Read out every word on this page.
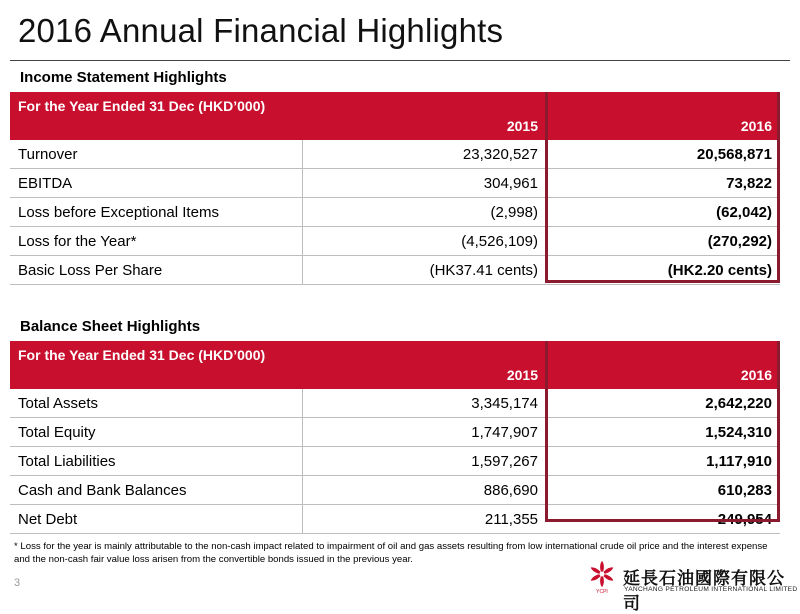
2016 Annual Financial Highlights
Income Statement Highlights
For the Year Ended 31 Dec (HKD’000)	2015	2016
Turnover	23,320,527	20,568,871
EBITDA	304,961	73,822
Loss before Exceptional Items	(2,998)	(62,042)
Loss for the Year*	(4,526,109)	(270,292)
Basic Loss Per Share	(HK37.41 cents)	(HK2.20 cents)
Balance Sheet Highlights
For the Year Ended 31 Dec (HKD’000)	2015	2016
Total Assets	3,345,174	2,642,220
Total Equity	1,747,907	1,524,310
Total Liabilities	1,597,267	1,117,910
Cash and Bank Balances	886,690	610,283
Net Debt	211,355	249,954
* Loss for the year is mainly attributable to the non-cash impact related to impairment of oil and gas assets resulting from low international crude oil price and the interest expense and the non-cash fair value loss arisen from the convertible bonds issued in the previous year.
3
YCPI
延長石油國際有限公司
YANCHANG PETROLEUM INTERNATIONAL LIMITED
